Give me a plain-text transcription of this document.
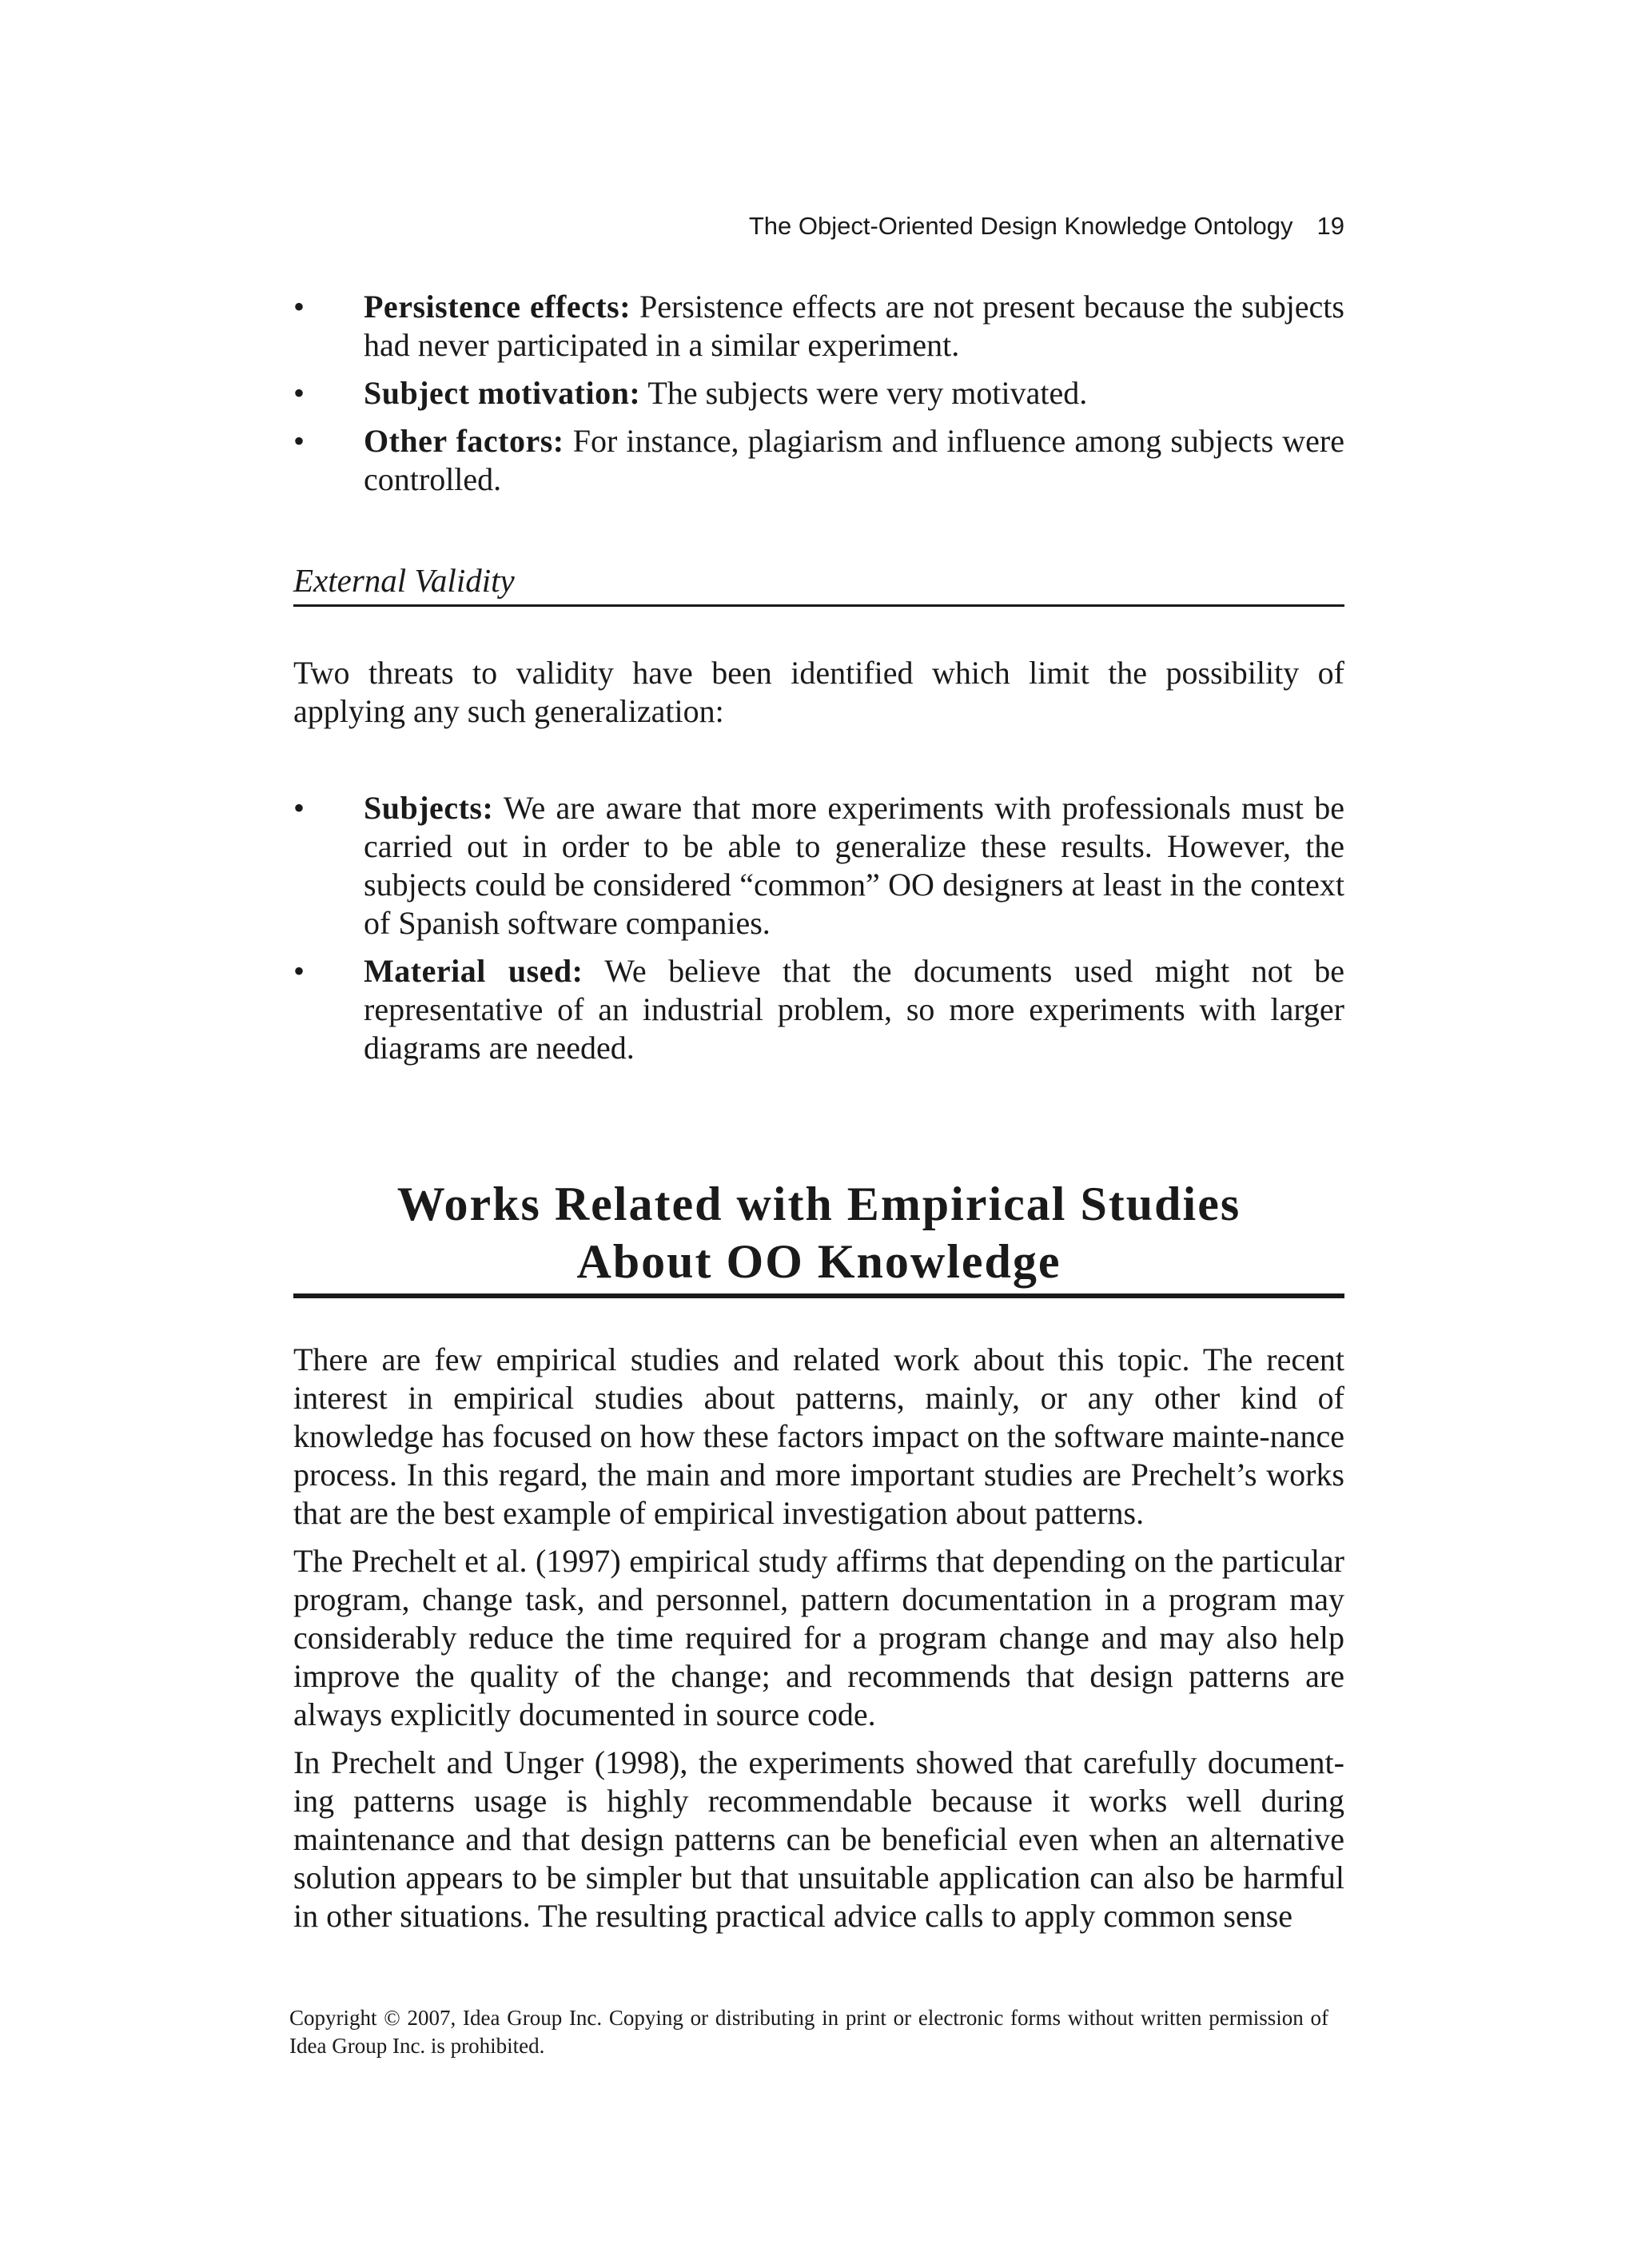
The Object-Oriented Design Knowledge Ontology 19
• Persistence effects: Persistence effects are not present because the subjects had never participated in a similar experiment.
• Subject motivation: The subjects were very motivated.
• Other factors: For instance, plagiarism and influence among subjects were controlled.
External Validity

Two threats to validity have been identified which limit the possibility of applying any such generalization:

• Subjects: We are aware that more experiments with professionals must be carried out in order to be able to generalize these results. However, the subjects could be considered “common” OO designers at least in the context of Spanish software companies.
• Material used: We believe that the documents used might not be representative of an industrial problem, so more experiments with larger diagrams are needed.
Works Related with Empirical Studies
About OO Knowledge

There are few empirical studies and related work about this topic. The recent interest in empirical studies about patterns, mainly, or any other kind of knowledge has focused on how these factors impact on the software mainte-nance process. In this regard, the main and more important studies are Prechelt’s works that are the best example of empirical investigation about patterns.

The Prechelt et al. (1997) empirical study affirms that depending on the particular program, change task, and personnel, pattern documentation in a program may considerably reduce the time required for a program change and may also help improve the quality of the change; and recommends that design patterns are always explicitly documented in source code.

In Prechelt and Unger (1998), the experiments showed that carefully document-ing patterns usage is highly recommendable because it works well during maintenance and that design patterns can be beneficial even when an alternative solution appears to be simpler but that unsuitable application can also be harmful in other situations. The resulting practical advice calls to apply common sense

Copyright © 2007, Idea Group Inc. Copying or distributing in print or electronic forms without written permission of Idea Group Inc. is prohibited.
